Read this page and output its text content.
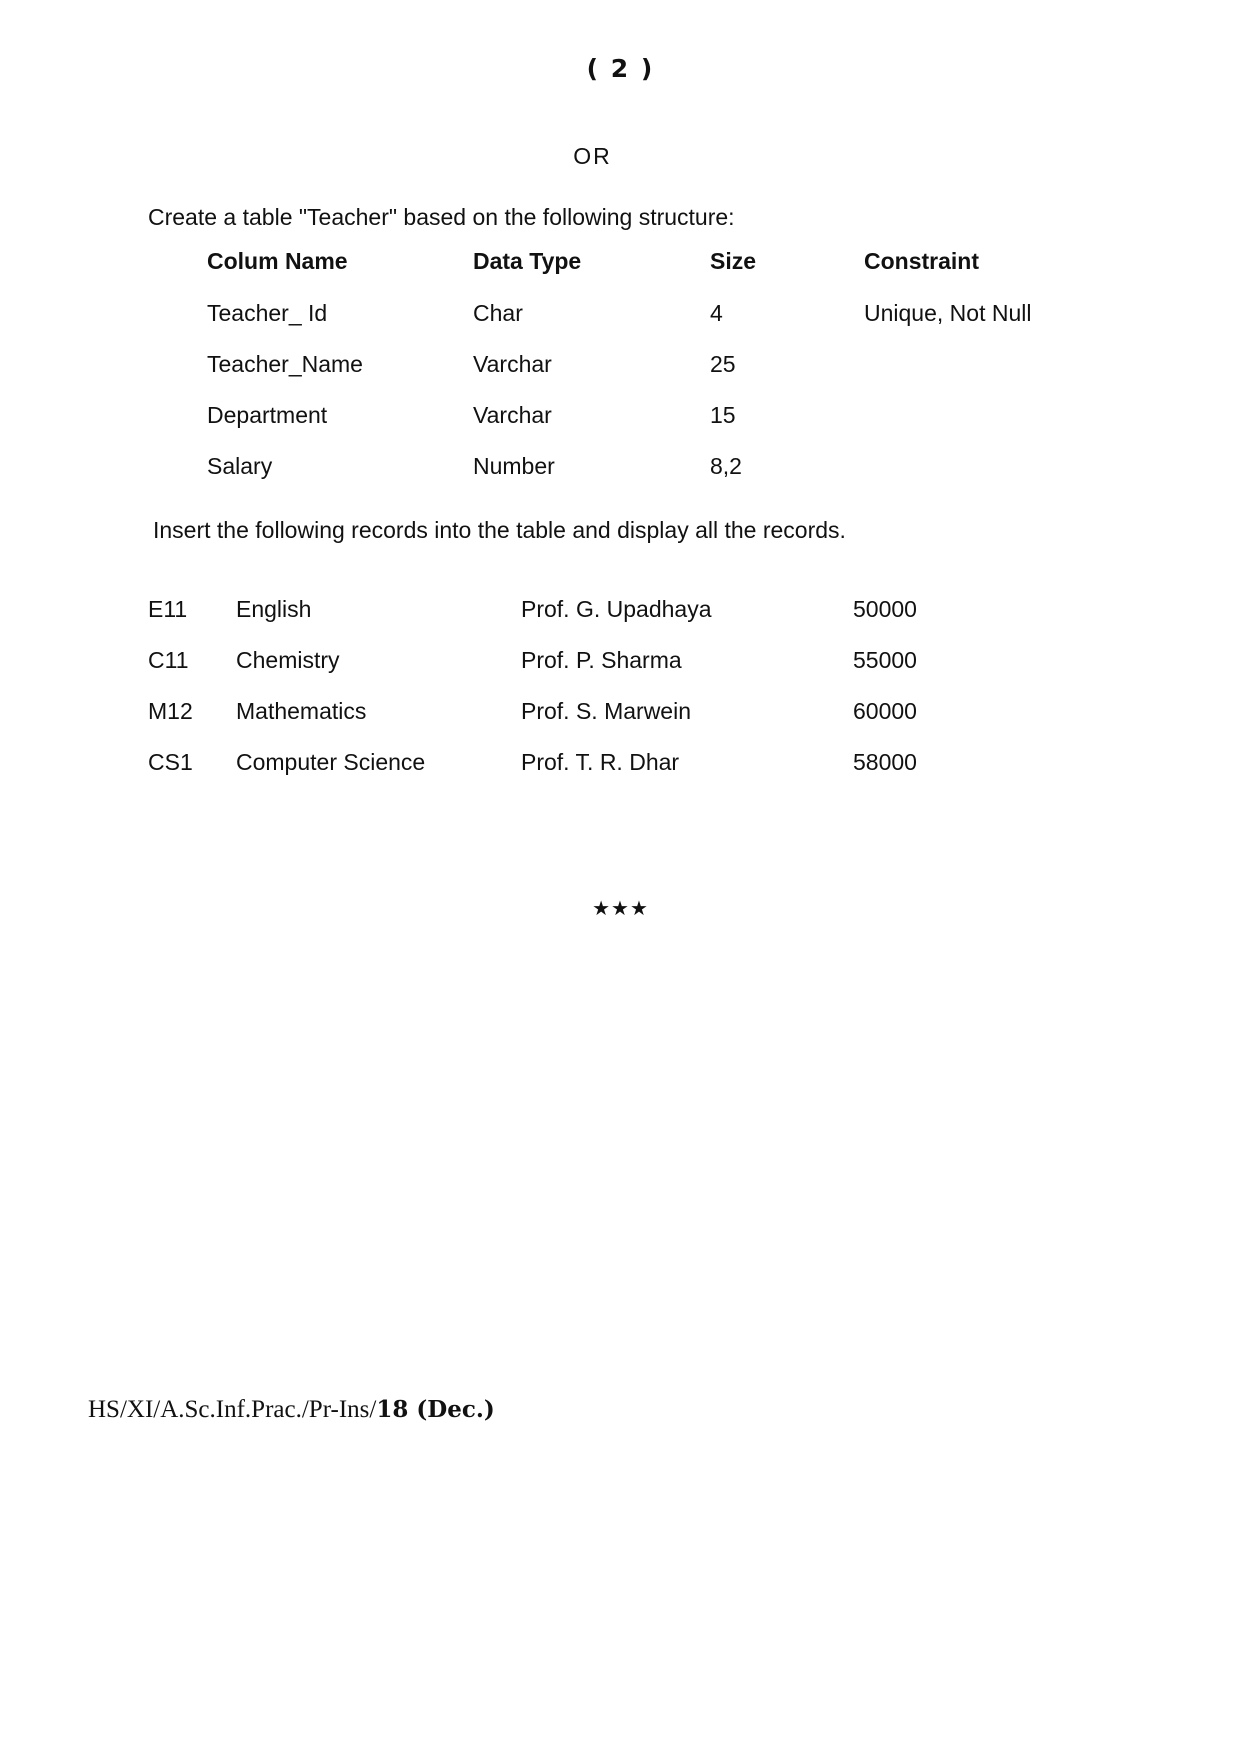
( 2 )
OR
Create a table "Teacher" based on the following structure:
Colum Name	Data Type	Size	Constraint
Teacher_ Id	Char	4	Unique, Not Null
Teacher_Name	Varchar	25	
Department	Varchar	15	
Salary	Number	8,2	
Insert the following records into the table and display all the records.
E11	English	Prof. G. Upadhaya	50000
C11	Chemistry	Prof. P. Sharma	55000
M12	Mathematics	Prof. S. Marwein	60000
CS1	Computer Science	Prof. T. R. Dhar	58000
★★★
HS/XI/A.Sc.Inf.Prac./Pr-Ins/18 (Dec.)
